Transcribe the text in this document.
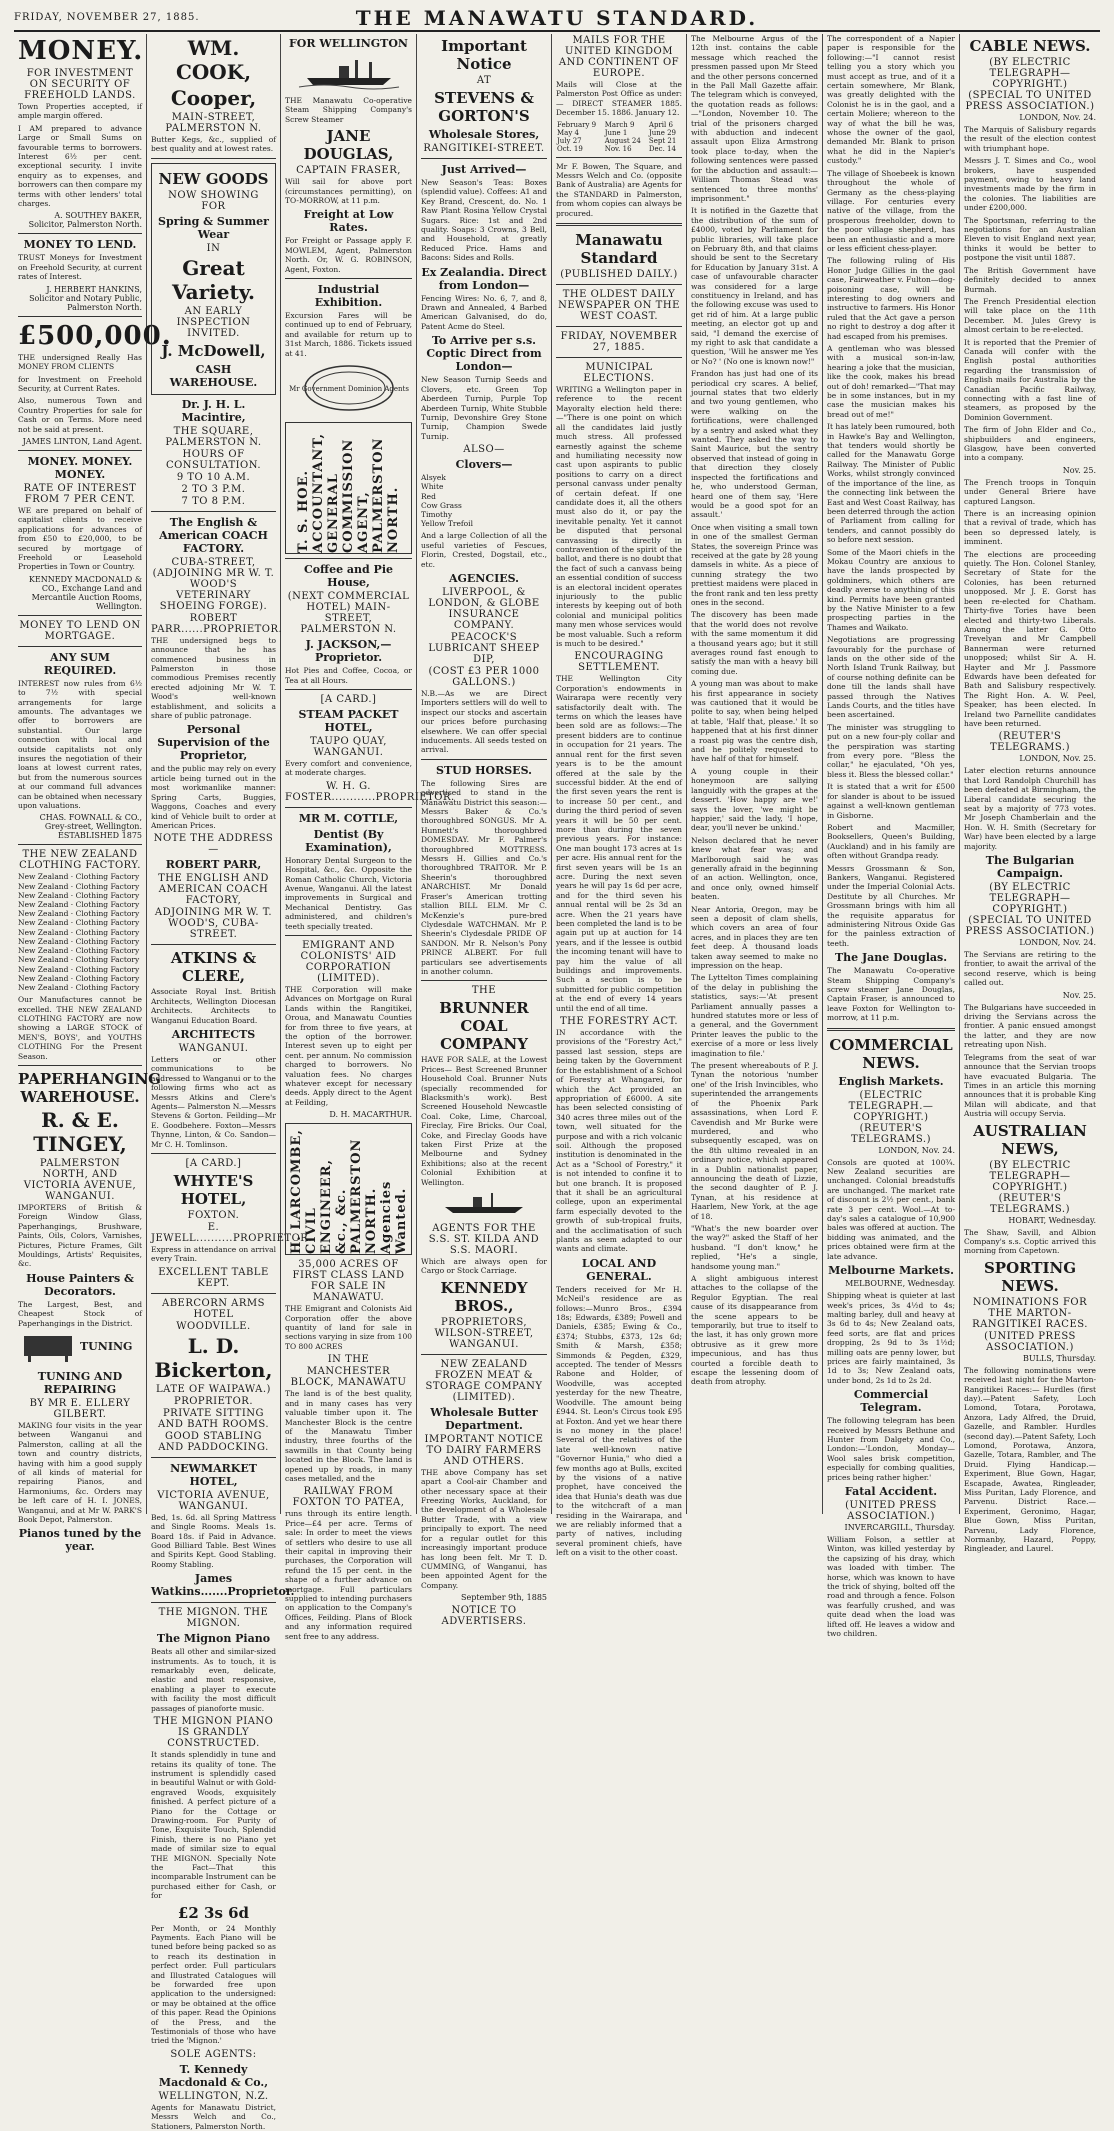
FRIDAY, NOVEMBER 27, 1885.	THE MANAWATU STANDARD.
MONEY.
FOR INVESTMENT ON SECURITY OF FREEHOLD LANDS.

Town Properties accepted, if ample margin offered.

I AM prepared to advance Large or Small Sums on favourable terms to borrowers. Interest 6½ per cent. exceptional security. I invite enquiry as to expenses, and borrowers can then compare my terms with other lenders' total charges.

A. SOUTHEY BAKER, Solicitor, Palmerston North.
MONEY TO LEND.

TRUST Moneys for Investment on Freehold Security, at current rates of Interest.

J. HERBERT HANKINS, Solicitor and Notary Public, Palmerston North.
£500,000.

THE undersigned Really Has MONEY FROM CLIENTS

for Investment on Freehold Security, at Current Rates.

Also, numerous Town and Country Properties for sale for Cash or on Terms. More need not be said at present.

JAMES LINTON, Land Agent.
MONEY. MONEY. MONEY.
RATE OF INTEREST FROM 7 PER CENT.

WE are prepared on behalf of capitalist clients to receive applications for advances of from £50 to £20,000, to be secured by mortgage of Freehold or Leasehold Properties in Town or Country.

KENNEDY MACDONALD & CO., Exchange Land and Mercantile Auction Rooms, Wellington.
MONEY TO LEND ON MORTGAGE.
ANY SUM REQUIRED.

INTEREST now rules from 6½ to 7½ with special arrangements for large amounts. The advantages we offer to borrowers are substantial. Our large connection with local and outside capitalists not only insures the negotiation of their loans at lowest current rates, but from the numerous sources at our command full advances can be obtained when necessary upon valuations.

CHAS. FOWNALL & CO., Grey-street, Wellington. ESTABLISHED 1875
THE NEW ZEALAND CLOTHING FACTORY.
New Zealand · Clothing Factory
New Zealand · Clothing Factory
New Zealand · Clothing Factory
New Zealand · Clothing Factory
New Zealand · Clothing Factory
New Zealand · Clothing Factory
New Zealand · Clothing Factory
New Zealand · Clothing Factory
New Zealand · Clothing Factory
New Zealand · Clothing Factory
New Zealand · Clothing Factory
New Zealand · Clothing Factory
New Zealand · Clothing Factory

Our Manufactures cannot be excelled. THE NEW ZEALAND CLOTHING FACTORY are now showing a LARGE STOCK of MEN'S, BOYS', and YOUTHS CLOTHING For the Present Season.

PAPERHANGING WAREHOUSE.
R. & E. TINGEY,
PALMERSTON NORTH, AND VICTORIA AVENUE, WANGANUI.

IMPORTERS of British & Foreign Window Glass, Paperhangings, Brushware, Paints, Oils, Colors, Varnishes, Pictures, Picture Frames, Gilt Mouldings, Artists' Requisites, &c.

House Painters & Decorators.

The Largest, Best, and Cheapest Stock of Paperhangings in the District.

TUNING
TUNING AND REPAIRING
BY MR E. ELLERY GILBERT.

MAKING four visits in the year between Wanganui and Palmerston, calling at all the town and country districts, having with him a good supply of all kinds of material for repairing Pianos, and Harmoniums, &c. Orders may be left care of H. I. JONES, Wanganui, and at Mr W. PARK'S Book Depot, Palmerston.

Pianos tuned by the year.
WM. COOK,
Cooper,
MAIN-STREET, PALMERSTON N.

Butter Kegs, &c., supplied of best quality and at lowest rates.

NEW GOODS
NOW SHOWING FOR
Spring & Summer Wear
IN
Great Variety.
AN EARLY INSPECTION INVITED.
J. McDowell,
CASH WAREHOUSE.
Dr. J. H. L. Macintire,
THE SQUARE, PALMERSTON N.
HOURS OF CONSULTATION.
9 TO 10 A.M.
2 TO 3 P.M.
7 TO 8 P.M.
The English & American COACH FACTORY.
CUBA-STREET, (ADJOINING MR W. T. WOOD'S VETERINARY SHOEING FORGE).
ROBERT PARR......PROPRIETOR.

THE undersigned begs to announce that he has commenced business in Palmerston in those commodious Premises recently erected adjoining Mr W. T. Wood's well-known establishment, and solicits a share of public patronage.

Personal Supervision of the Proprietor,

and the public may rely on every article being turned out in the most workmanlike manner: Spring Carts, Buggies, Waggons, Coaches and every kind of Vehicle built to order at American Prices.

NOTE THE ADDRESS—
ROBERT PARR,
THE ENGLISH AND AMERICAN COACH FACTORY,
ADJOINING MR W. T. WOOD'S, CUBA-STREET.
ATKINS & CLERE,

Associate Royal Inst. British Architects, Wellington Diocesan Architects. Architects to Wanganui Education Board.

ARCHITECTS
WANGANUI.

Letters or other communications to be addressed to Wanganui or to the following firms who act as Messrs Atkins and Clere's Agents— Palmerston N.—Messrs Stevens & Gorton. Feilding—Mr E. Goodbehere. Foxton—Messrs Thynne, Linton, & Co. Sandon—Mr C. H. Tomlinson.

[A CARD.]
WHYTE'S HOTEL,
FOXTON.
E. JEWELL..........PROPRIETOR.

Express in attendance on arrival every Train.

EXCELLENT TABLE KEPT.
ABERCORN ARMS HOTEL
WOODVILLE.
L. D. Bickerton,
LATE OF WAIPAWA.)
PROPRIETOR.
PRIVATE SITTING AND BATH ROOMS.
GOOD STABLING AND PADDOCKING.
NEWMARKET HOTEL,
VICTORIA AVENUE, WANGANUI.

Bed, 1s. 6d. all Spring Mattress and Single Rooms. Meals 1s. Board 18s. if Paid in Advance. Good Billiard Table. Best Wines and Spirits Kept. Good Stabling. Roomy Stabling.

James Watkins.......Proprietor.
THE MIGNON. THE MIGNON.
The Mignon Piano

Beats all other and similar-sized instruments. As to touch, it is remarkably even, delicate, elastic and most responsive, enabling a player to execute with facility the most difficult passages of pianoforte music.

THE MIGNON PIANO IS GRANDLY CONSTRUCTED.

It stands splendidly in tune and retains its quality of tone. The instrument is splendidly cased in beautiful Walnut or with Gold-engraved Woods, exquisitely finished. A perfect picture of a Piano for the Cottage or Drawing-room. For Purity of Tone, Exquisite Touch, Splendid Finish, there is no Piano yet made of similar size to equal THE MIGNON. Specially Note the Fact—That this incomparable Instrument can be purchased either for Cash, or for

£2 3s 6d

Per Month, or 24 Monthly Payments. Each Piano will be tuned before being packed so as to reach its destination in perfect order. Full particulars and Illustrated Catalogues will be forwarded free upon application to the undersigned: or may be obtained at the office of this paper. Read the Opinions of the Press, and the Testimonials of those who have tried the 'Mignon.'

SOLE AGENTS:
T. Kennedy Macdonald & Co.,
WELLINGTON, N.Z.

Agents for Manawatu District, Messrs Welch and Co., Stationers, Palmerston North.

FOR WELLINGTON

THE Manawatu Co-operative Steam Shipping Company's Screw Steamer

JANE DOUGLAS,
CAPTAIN FRASER,

Will sail for above port (circumstances permitting), on TO-MORROW, at 11 p.m.

Freight at Low Rates.

For Freight or Passage apply F. MOWLEM, Agent, Palmerston North. Or, W. G. ROBINSON, Agent, Foxton.

Industrial Exhibition.

Excursion Fares will be continued up to end of February, and available for return up to 31st March, 1886. Tickets issued at 41.

Mr Government Dominion Agents
T. S. HOE. ACCOUNTANT, GENERAL COMMISSION AGENT, PALMERSTON NORTH.
Coffee and Pie House,
(NEXT COMMERCIAL HOTEL) MAIN-STREET, PALMERSTON N.
J. JACKSON,— Proprietor.

Hot Pies and Coffee, Cocoa, or Tea at all Hours.

[A CARD.]
STEAM PACKET HOTEL,
TAUPO QUAY, WANGANUI.

Every comfort and convenience, at moderate charges.

W. H. G. FOSTER............PROPRIETOR.
MR M. COTTLE,
Dentist (By Examination),

Honorary Dental Surgeon to the Hospital, &c., &c. Opposite the Roman Catholic Church, Victoria Avenue, Wanganui. All the latest improvements in Surgical and Mechanical Dentistry. Gas administered, and children's teeth specially treated.

EMIGRANT AND COLONISTS' AID CORPORATION (LIMITED).

THE Corporation will make Advances on Mortgage on Rural Lands within the Rangitikei, Oroua, and Manawatu Counties for from three to five years, at the option of the borrower. Interest seven up to eight per cent. per annum. No commission charged to borrowers. No valuation fees. No charges whatever except for necessary deeds. Apply direct to the Agent at Feilding,

D. H. MACARTHUR.
H. LARCOMBE, CIVIL ENGINEER, &c., &c. PALMERSTON NORTH. Agencies Wanted.
35,000 ACRES OF FIRST CLASS LAND FOR SALE IN MANAWATU.

THE Emigrant and Colonists Aid Corporation offer the above quantity of land for sale in sections varying in size from 100 TO 800 ACRES

IN THE
MANCHESTER BLOCK, MANAWATU

The land is of the best quality, and in many cases has very valuable timber upon it. The Manchester Block is the centre of the Manawatu Timber industry, three fourths of the sawmills in that County being located in the Block. The land is opened up by roads, in many cases metalled, and the

RAILWAY FROM FOXTON TO PATEA,

runs through its entire length. Price—£4 per acre. Terms of sale: In order to meet the views of settlers who desire to use all their capital in improving their purchases, the Corporation will refund the 15 per cent. in the shape of a further advance on mortgage. Full particulars supplied to intending purchasers on application to the Company's Offices, Feilding. Plans of Block and any information required sent free to any address.

Important Notice
AT
STEVENS & GORTON'S
Wholesale Stores,
RANGITIKEI-STREET.
Just Arrived—

New Season's Teas: Boxes (splendid value). Coffees: A1 and Key Brand, Crescent, do. No. 1 Raw Plant Rosina Yellow Crystal Sugars. Rice: 1st and 2nd quality. Soaps: 3 Crowns, 3 Bell, and Household, at greatly Reduced Price. Hams and Bacons: Sides and Rolls.

Ex Zealandia. Direct from London—

Fencing Wires: No. 6, 7, and 8, Drawn and Annealed, 4 Barbed American Galvanised, do do, Patent Acme do Steel.

To Arrive per s.s. Coptic Direct from London—

New Season Turnip Seeds and Clovers, etc. Green Top Aberdeen Turnip, Purple Top Aberdeen Turnip, White Stubble Turnip, Devonshire Grey Stone Turnip, Champion Swede Turnip.

ALSO—
Clovers—
Alsyek
White
Red
Cow Grass
Timothy
Yellow Trefoil

And a large Collection of all the useful varieties of Fescues, Florin, Crested, Dogstail, etc., etc.

AGENCIES.
LIVERPOOL, & LONDON, & GLOBE INSURANCE COMPANY.
PEACOCK'S LUBRICANT SHEEP DIP,
(COST £3 PER 1000 GALLONS.)

N.B.—As we are Direct Importers settlers will do well to inspect our stocks and ascertain our prices before purchasing elsewhere. We can offer special inducements. All seeds tested on arrival.

STUD HORSES.

The following Sires are advertised to stand in the Manawatu District this season:— Messrs Baker & Co.'s thoroughbred SONGUS. Mr A. Hunnett's thoroughbred DOMESDAY. Mr F. Palmer's thoroughbred MOTTRESS. Messrs H. Gillies and Co.'s thoroughbred TRAITOR. Mr P. Sheerin's thoroughbred ANARCHIST. Mr Donald Fraser's American trotting stallion BILL ELM. Mr C. McKenzie's pure-bred Clydesdale WATCHMAN. Mr P. Sheerin's Clydesdale PRIDE OF SANDON. Mr R. Nelson's Pony PRINCE ALBERT. For full particulars see advertisements in another column.

THE
BRUNNER COAL COMPANY

HAVE FOR SALE, at the Lowest Prices— Best Screened Brunner Household Coal. Brunner Nuts (specially recommended for Blacksmith's work). Best Screened Household Newcastle Coal. Coke, Lime, Charcoal, Fireclay, Fire Bricks. Our Coal, Coke, and Fireclay Goods have taken First Prize at the Melbourne and Sydney Exhibitions; also at the recent Colonial Exhibition at Wellington.

AGENTS FOR THE S.S. ST. KILDA AND S.S. MAORI.

Which are always open for Cargo or Stock Carriage.

KENNEDY BROS.,
PROPRIETORS, WILSON-STREET, WANGANUI.
NEW ZEALAND FROZEN MEAT & STORAGE COMPANY (LIMITED).
Wholesale Butter Department.
IMPORTANT NOTICE TO DAIRY FARMERS AND OTHERS.

THE above Company has set apart a Cool-air Chamber and other necessary space at their Freezing Works, Auckland, for the development of a Wholesale Butter Trade, with a view principally to export. The need for a regular outlet for this increasingly important produce has long been felt. Mr T. D. CUMMING, of Wanganui, has been appointed Agent for the Company.

September 9th, 1885
NOTICE TO ADVERTISERS.
MAILS FOR THE UNITED KINGDOM AND CONTINENT OF EUROPE.

Mails will Close at the Palmerston Post Office as under:— DIRECT STEAMER 1885. December 15. 1886. January 12.

February 9	March 9	April 6
May 4	June 1	June 29
July 27	August 24	Sept 21
Oct. 19	Nov. 16	Dec. 14

Mr F. Bowen, The Square, and Messrs Welch and Co. (opposite Bank of Australia) are Agents for the STANDARD in Palmerston, from whom copies can always be procured.

Manawatu Standard
(PUBLISHED DAILY.)
THE OLDEST DAILY NEWSPAPER ON THE WEST COAST.
FRIDAY, NOVEMBER 27, 1885.
MUNICIPAL ELECTIONS.

WRITING a Wellington paper in reference to the recent Mayoralty election held there:—"There is one point on which all the candidates laid justly much stress. All professed earnestly against the scheme and humiliating necessity now cast upon aspirants to public positions to carry on a direct personal canvass under penalty of certain defeat. If one candidate does it, all the others must also do it, or pay the inevitable penalty. Yet it cannot be disputed that personal canvassing is directly in contravention of the spirit of the ballot, and there is no doubt that the fact of such a canvass being an essential condition of success is an electoral incident operates injuriously to the public interests by keeping out of both colonial and municipal politics many men whose services would be most valuable. Such a reform is much to be desired."

ENCOURAGING SETTLEMENT.

THE Wellington City Corporation's endowments in Wairarapa were recently very satisfactorily dealt with. The terms on which the leases have been sold are as follows:—The present bidders are to continue in occupation for 21 years. The annual rent for the first seven years is to be the amount offered at the sale by the successful bidder. At the end of the first seven years the rent is to increase 50 per cent., and during the third period of seven years it will be 50 per cent. more than during the seven previous years. For instance: One man bought 173 acres at 1s per acre. His annual rent for the first seven years will be 1s an acre. During the next seven years he will pay 1s 6d per acre, and for the third seven his annual rental will be 2s 3d an acre. When the 21 years have been completed the land is to be again put up at auction for 14 years, and if the lessee is outbid the incoming tenant will have to pay him the value of all buildings and improvements. Such a section is to be submitted for public competition at the end of every 14 years until the end of all time.

THE FORESTRY ACT.

IN accordance with the provisions of the "Forestry Act," passed last session, steps are being taken by the Government for the establishment of a School of Forestry at Whangarei, for which the Act provided an appropriation of £6000. A site has been selected consisting of 340 acres three miles out of the town, well situated for the purpose and with a rich volcanic soil. Although the proposed institution is denominated in the Act as a "School of Forestry," it is not intended to confine it to but one branch. It is proposed that it shall be an agricultural college, upon an experimental farm especially devoted to the growth of sub-tropical fruits, and the acclimatisation of such plants as seem adapted to our wants and climate.

LOCAL AND GENERAL.

Tenders received for Mr H. McNeil's residence are as follows:—Munro Bros., £394 18s; Edwards, £389; Powell and Daniels, £385; Ewing & Co., £374; Stubbs, £373, 12s 6d; Smith & Marsh, £358; Simmonds & Pegden, £329, accepted. The tender of Messrs Rabone and Holder, of Woodville, was accepted yesterday for the new Theatre, Woodville. The amount being £944. St. Leon's Circus took £95 at Foxton. And yet we hear there is no money in the place! Several of the relatives of the late well-known native "Governor Hunia," who died a few months ago at Bulls, excited by the visions of a native prophet, have conceived the idea that Hunia's death was due to the witchcraft of a man residing in the Wairarapa, and we are reliably informed that a party of natives, including several prominent chiefs, have left on a visit to the other coast.

The Melbourne Argus of the 12th inst. contains the cable message which reached the pressmen passed upon Mr Steed and the other persons concerned in the Pall Mall Gazette affair. The telegram which is conveyed, the quotation reads as follows:—"London, November 10. The trial of the prisoners charged with abduction and indecent assault upon Eliza Armstrong took place to-day, when the following sentences were passed for the abduction and assault:—William Thomas Stead was sentenced to three months' imprisonment."

It is notified in the Gazette that the distribution of the sum of £4000, voted by Parliament for public libraries, will take place on February 8th, and that claims should be sent to the Secretary for Education by January 31st. A case of unfavourable character was considered for a large constituency in Ireland, and has the following excuse was used to get rid of him. At a large public meeting, an elector got up and said, "I demand the exercise of my right to ask that candidate a question, 'Will he answer me Yes or No? ' (No one is known now!"

Frandon has just had one of its periodical cry scares. A belief, journal states that two elderly and two young gentlemen, who were walking on the fortifications, were challenged by a sentry and asked what they wanted. They asked the way to Saint Maurice, but the sentry observed that instead of going in that direction they closely inspected the fortifications and he, who understood German, heard one of them say, 'Here would be a good spot for an assault.'

Once when visiting a small town in one of the smallest German States, the sovereign Prince was received at the gate by 28 young damsels in white. As a piece of cunning strategy the two prettiest maidens were placed in the front rank and ten less pretty ones in the second.

The discovery has been made that the world does not revolve with the same momentum it did a thousand years ago; but it still averages round fast enough to satisfy the man with a heavy bill coming due.

A young man was about to make his first appearance in society was cautioned that it would be polite to say, when being helped at table, 'Half that, please.' It so happened that at his first dinner a roast pig was the centre dish, and he politely requested to have half of that for himself.

A young couple in their honeymoon are sallying languidly with the grapes at the dessert. 'How happy are we!' says the lover, 'we might be happier,' said the lady, 'I hope, dear, you'll never be unkind.'

Nelson declared that he never knew what fear was; and Marlborough said he was generally afraid in the beginning of an action. Wellington, once, and once only, owned himself beaten.

Near Antoria, Oregon, may be seen a deposit of clam shells, which covers an area of four acres, and in places they are ten feet deep. A thousand loads taken away seemed to make no impression on the heap.

The Lyttelton Times complaining of the delay in publishing the statistics, says:—'At present Parliament annually passes a hundred statutes more or less of a general, and the Government Printer leaves the public to the exercise of a more or less lively imagination to file.'

The present whereabouts of P. J. Tynan the notorious 'number one' of the Irish Invincibles, who superintended the arrangements of the Phoenix Park assassinations, when Lord F. Cavendish and Mr Burke were murdered, and who subsequently escaped, was on the 8th ultimo revealed in an ordinary notice, which appeared in a Dublin nationalist paper, announcing the death of Lizzie, the second daughter of P. J. Tynan, at his residence at Haarlem, New York, at the age of 18.

"What's the new boarder over the way?" asked the Staff of her husband. "I don't know," he replied, "He's a single, handsome young man."

A slight ambiguous interest attaches to the collapse of the Regulor Egyptian. The real cause of its disappearance from the scene appears to be temporarily, but true to itself to the last, it has only grown more obtrusive as it grew more impecunious, and has thus courted a forcible death to escape the lessening doom of death from atrophy.

The correspondent of a Napier paper is responsible for the following:—"I cannot resist telling you a story which you must accept as true, and of it a certain somewhere, Mr Blank, was greatly delighted with the Colonist he is in the gaol, and a certain Moliere; whereon to the way of what the bill he was, whose the owner of the gaol, demanded Mr. Blank to prison what he did in the Napier's custody."

The village of Shoebeek is known throughout the whole of Germany as the chess-playing village. For centuries every native of the village, from the prosperous freeholder, down to the poor village shepherd, has been an enthusiastic and a more or less efficient chess-player.

The following ruling of His Honor Judge Gillies in the gaol case, Fairweather v. Fulton—dog-poisoning case, will be interesting to dog owners and instructive to farmers. His Honor ruled that the Act gave a person no right to destroy a dog after it had escaped from his premises.

A gentleman who was blessed with a musical son-in-law, hearing a joke that the musician, like the cook, makes his bread out of doh! remarked—"That may be in some instances, but in my case the musician makes his bread out of me!"

It has lately been rumoured, both in Hawke's Bay and Wellington, that tenders would shortly be called for the Manawatu Gorge Railway. The Minister of Public Works, whilst strongly convinced of the importance of the line, as the connecting link between the East and West Coast Railway, has been deterred through the action of Parliament from calling for tenders, and cannot possibly do so before next session.

Some of the Maori chiefs in the Mokau Country are anxious to have the lands prospected by goldminers, which others are deadly averse to anything of this kind. Permits have been granted by the Native Minister to a few prospecting parties in the Thames and Waikato.

Negotiations are progressing favourably for the purchase of lands on the other side of the North Island Trunk Railway, but of course nothing definite can be done till the lands shall have passed through the Natives Lands Courts, and the titles have been ascertained.

The minister was struggling to put on a new four-ply collar and the perspiration was starting from every pore. "Bless the collar," he ejaculated, "Oh yes, bless it. Bless the blessed collar."

It is stated that a writ for £500 for slander is about to be issued against a well-known gentleman in Gisborne.

Robert and Macmiller, Booksellers, Queen's Building, (Auckland) and in his family are often without Grandpa ready.

Messrs Grossmann & Son, Bankers, Wanganui. Registered under the Imperial Colonial Acts. Destitute by all Churches. Mr Grossmann brings with him all the requisite apparatus for administering Nitrous Oxide Gas for the painless extraction of teeth.

The Jane Douglas.

The Manawatu Co-operative Steam Shipping Company's screw steamer Jane Douglas, Captain Fraser, is announced to leave Foxton for Wellington to-morrow, at 11 p.m.

COMMERCIAL NEWS.
English Markets.
(ELECTRIC TELEGRAPH.—COPYRIGHT.) (REUTER'S TELEGRAMS.)
LONDON, Nov. 24.

Consols are quoted at 100¾. New Zealand securities are unchanged. Colonial breadstuffs are unchanged. The market rate of discount is 2½ per cent., bank rate 3 per cent. Wool.—At to-day's sales a catalogue of 10,900 bales was offered at auction. The bidding was animated, and the prices obtained were firm at the late advance.

Melbourne Markets.
MELBOURNE, Wednesday.

Shipping wheat is quieter at last week's prices, 3s 4½d to 4s; malting barley, dull and heavy at 3s 6d to 4s; New Zealand oats, feed sorts, are flat and prices dropping, 2s 9d to 3s 1½d; milling oats are penny lower, but prices are fairly maintained, 3s 1d to 3s; New Zealand oats, under bond, 2s 1d to 2s 2d.

Commercial Telegram.

The following telegram has been received by Messrs Bethune and Hunter from Dalgety and Co., London:—'London, Monday—Wool sales brisk competition, especially for combing qualities, prices being rather higher.'

Fatal Accident.
(UNITED PRESS ASSOCIATION.)
INVERCARGILL, Thursday.

William Folson, a settler at Winton, was killed yesterday by the capsizing of his dray, which was loaded with timber. The horse, which was known to have the trick of shying, bolted off the road and through a fence. Folson was fearfully crushed, and was quite dead when the load was lifted off. He leaves a widow and two children.

CABLE NEWS.
(BY ELECTRIC TELEGRAPH—COPYRIGHT.) (SPECIAL TO UNITED PRESS ASSOCIATION.)
LONDON, Nov. 24.

The Marquis of Salisbury regards the result of the election contest with triumphant hope.

Messrs J. T. Simes and Co., wool brokers, have suspended payment, owing to heavy land investments made by the firm in the colonies. The liabilities are under £200,000.

The Sportsman, referring to the negotiations for an Australian Eleven to visit England next year, thinks it would be better to postpone the visit until 1887.

The British Government have definitely decided to annex Burmah.

The French Presidential election will take place on the 11th December. M. Jules Grevy is almost certain to be re-elected.

It is reported that the Premier of Canada will confer with the English postal authorities regarding the transmission of English mails for Australia by the Canadian Pacific Railway, connecting with a fast line of steamers, as proposed by the Dominion Government.

The firm of John Elder and Co., shipbuilders and engineers, Glasgow, have been converted into a company.

Nov. 25.

The French troops in Tonquin under General Briere have captured Langson.

There is an increasing opinion that a revival of trade, which has been so depressed lately, is imminent.

The elections are proceeding quietly. The Hon. Colonel Stanley, Secretary of State for the Colonies, has been returned unopposed. Mr J. E. Gorst has been re-elected for Chatham. Thirty-five Tories have been elected and thirty-two Liberals. Among the latter G. Otto Trevelyan and Mr Campbell Bannerman were returned unopposed; whilst Sir A. H. Hayter and Mr J. Passmore Edwards have been defeated for Bath and Salisbury respectively. The Right Hon. A. W. Peel, Speaker, has been elected. In Ireland two Parnellite candidates have been returned.

(REUTER'S TELEGRAMS.)
LONDON, Nov. 25.

Later election returns announce that Lord Randolph Churchill has been defeated at Birmingham, the Liberal candidate securing the seat by a majority of 773 votes. Mr Joseph Chamberlain and the Hon. W. H. Smith (Secretary for War) have been elected by a large majority.

The Bulgarian Campaign.
(BY ELECTRIC TELEGRAPH—COPYRIGHT.) (SPECIAL TO UNITED PRESS ASSOCIATION.)
LONDON, Nov. 24.

The Servians are retiring to the frontier, to await the arrival of the second reserve, which is being called out.

Nov. 25.

The Bulgarians have succeeded in driving the Servians across the frontier. A panic ensued amongst the latter, and they are now retreating upon Nish.

Telegrams from the seat of war announce that the Servian troops have evacuated Bulgaria. The Times in an article this morning announces that it is probable King Milan will abdicate, and that Austria will occupy Servia.

AUSTRALIAN NEWS,
(BY ELECTRIC TELEGRAPH—COPYRIGHT.) (REUTER'S TELEGRAMS.)
HOBART, Wednesday.

The Shaw, Savill, and Albion Company's s.s. Coptic arrived this morning from Capetown.

SPORTING NEWS.
NOMINATIONS FOR THE MARTON-RANGITIKEI RACES.
(UNITED PRESS ASSOCIATION.)
BULLS, Thursday.

The following nominations were received last night for the Marton-Rangitikei Races:— Hurdles (first day).—Patent Safety, Loch Lomond, Totara, Porotawa, Anzora, Lady Alfred, the Druid, Gazelle, and Rambler. Hurdles (second day).—Patent Safety, Loch Lomond, Porotawa, Anzora, Gazelle, Totara, Rambler, and The Druid. Flying Handicap.—Experiment, Blue Gown, Hagar, Escapade, Awatea, Ringleader, Miss Puritan, Lady Florence, and Parvenu. District Race.—Experiment, Geronimo, Hagar, Blue Gown, Miss Puritan, Parvenu, Lady Florence, Normanby, Hazard, Poppy, Ringleader, and Laurel.
